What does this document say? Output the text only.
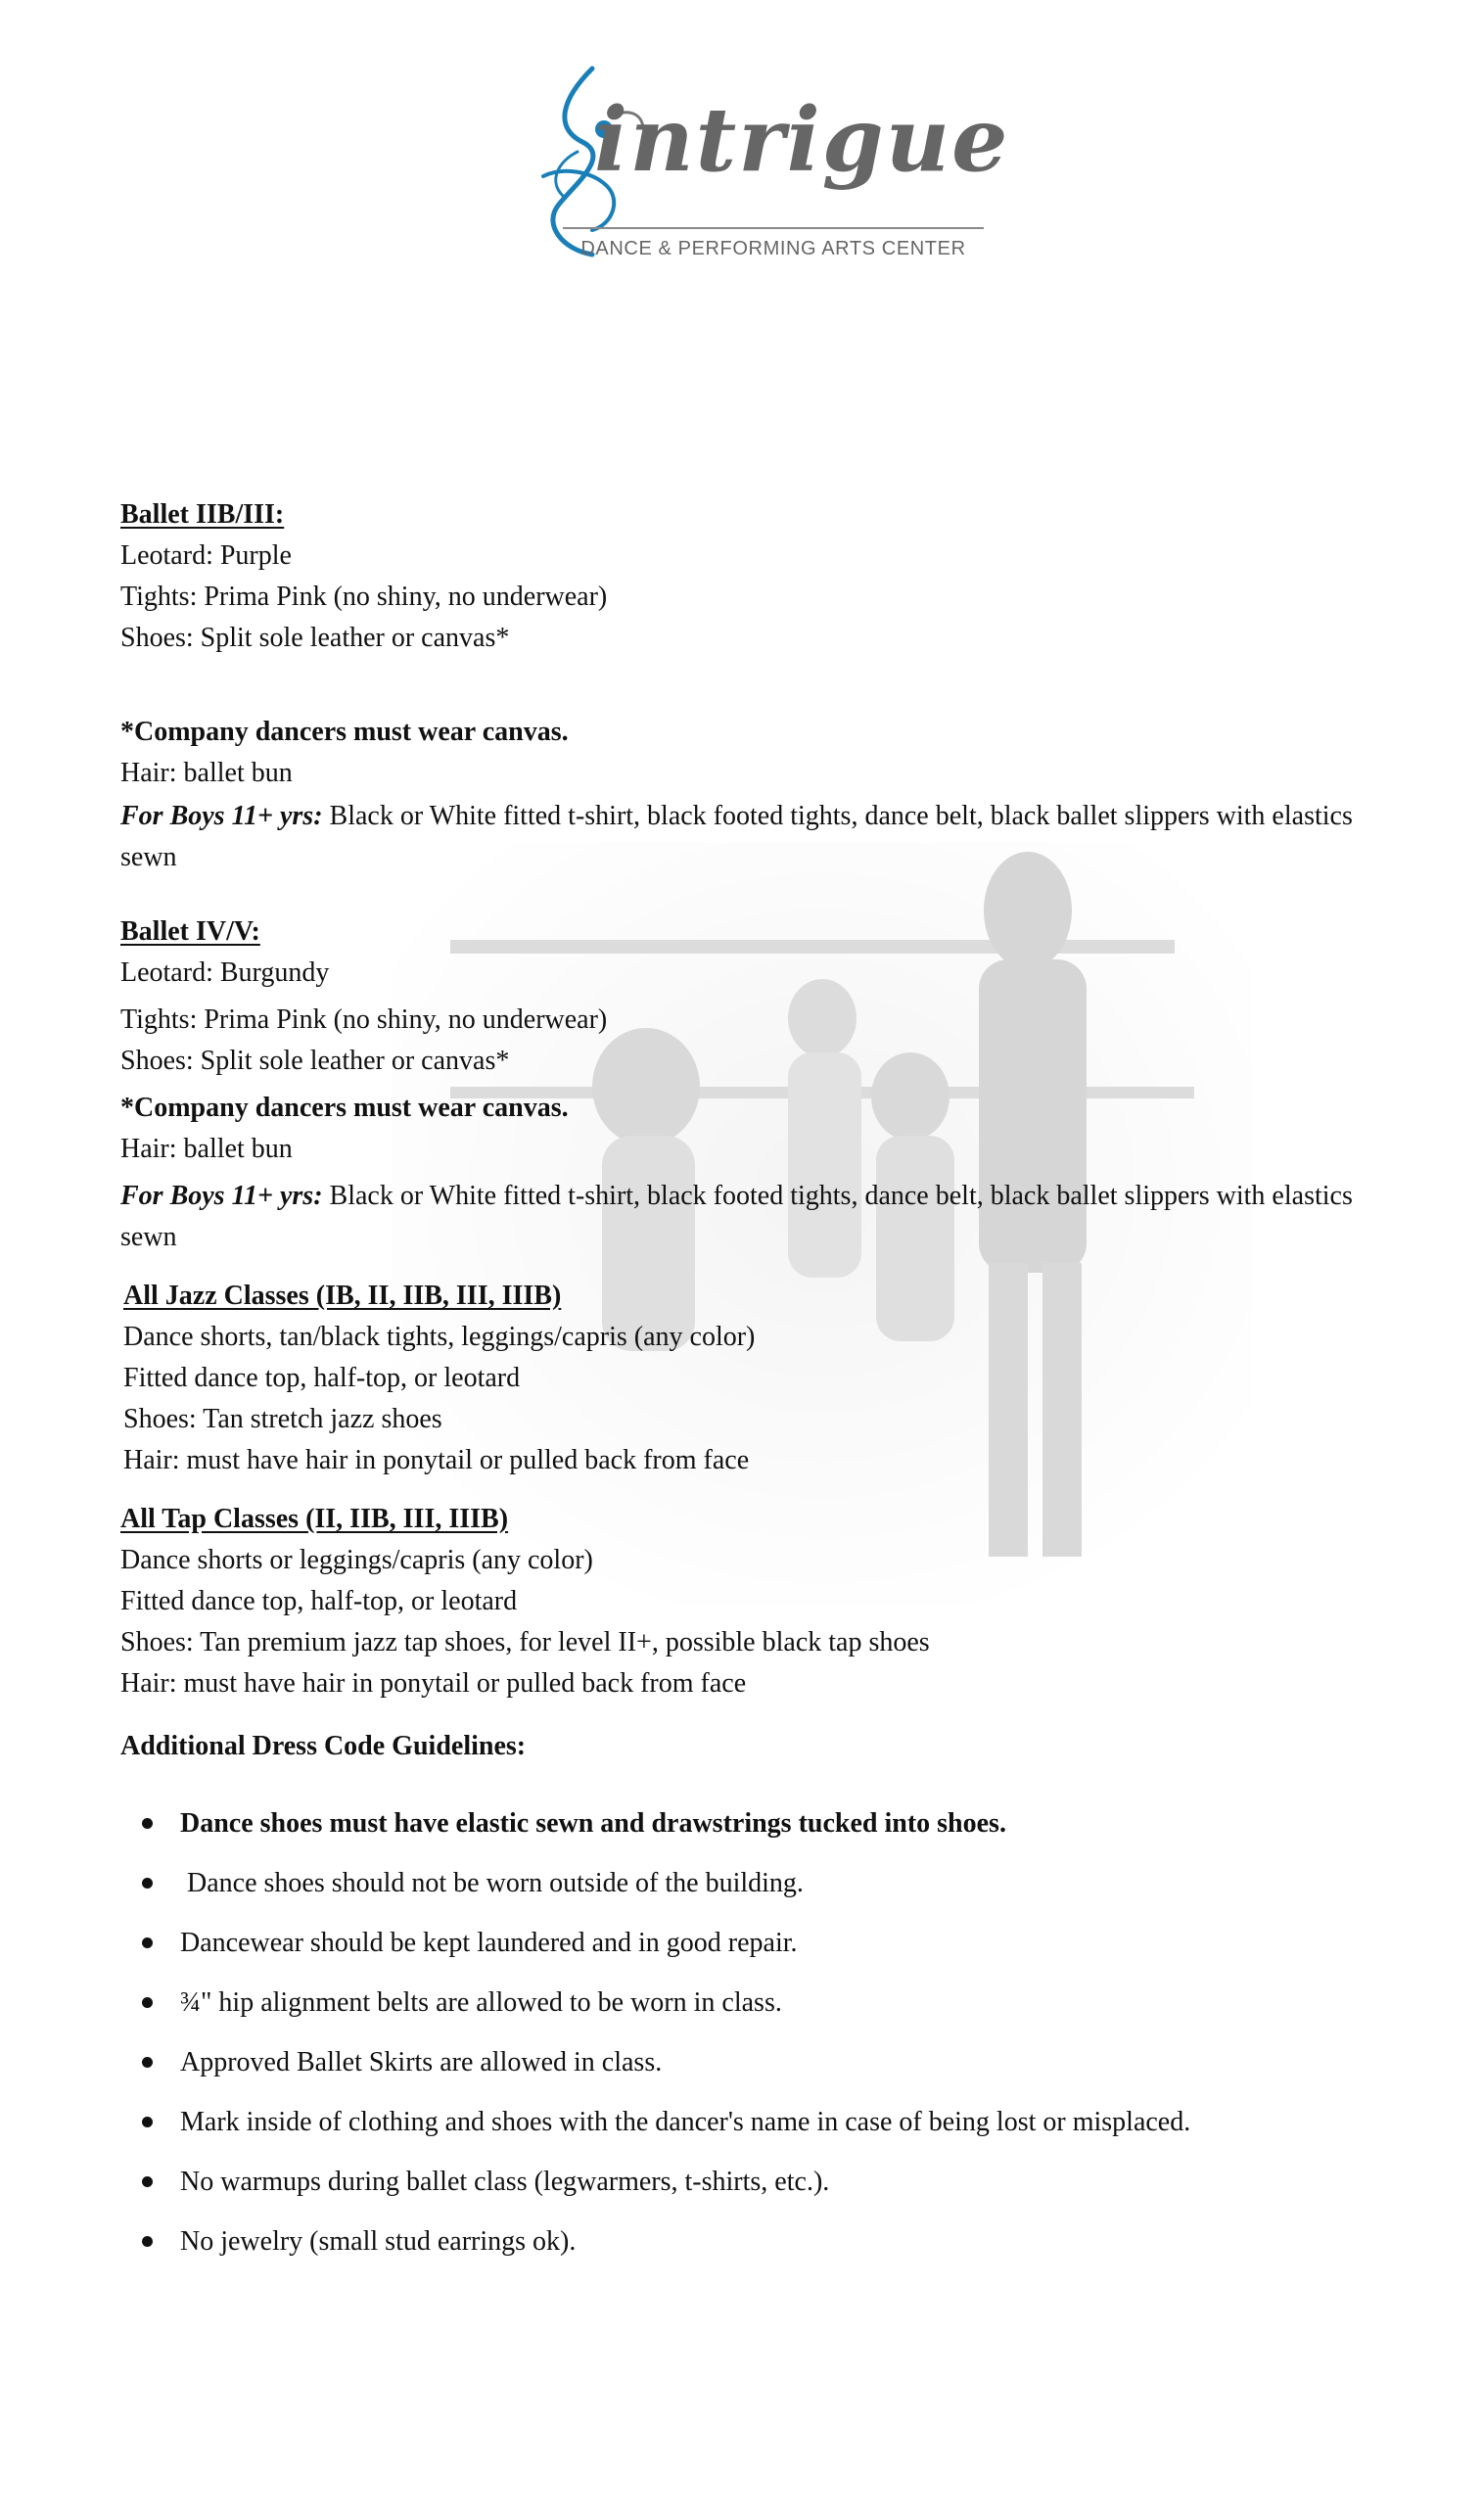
intrigue
DANCE & PERFORMING ARTS CENTER
Ballet IIB/III:
Leotard: Purple
Tights: Prima Pink (no shiny, no underwear)
Shoes: Split sole leather or canvas*
*Company dancers must wear canvas.
Hair: ballet bun
For Boys 11+ yrs: Black or White fitted t-shirt, black footed tights, dance belt, black ballet slippers with elastics sewn
Ballet IV/V:
Leotard: Burgundy
Tights: Prima Pink (no shiny, no underwear)
Shoes: Split sole leather or canvas*
*Company dancers must wear canvas.
Hair: ballet bun
For Boys 11+ yrs: Black or White fitted t-shirt, black footed tights, dance belt, black ballet slippers with elastics sewn
All Jazz Classes (IB, II, IIB, III, IIIB)
Dance shorts, tan/black tights, leggings/capris (any color)
Fitted dance top, half-top, or leotard
Shoes: Tan stretch jazz shoes
Hair: must have hair in ponytail or pulled back from face
All Tap Classes (II, IIB, III, IIIB)
Dance shorts or leggings/capris (any color)
Fitted dance top, half-top, or leotard
Shoes: Tan premium jazz tap shoes, for level II+, possible black tap shoes
Hair: must have hair in ponytail or pulled back from face
Additional Dress Code Guidelines:
Dance shoes must have elastic sewn and drawstrings tucked into shoes.
Dance shoes should not be worn outside of the building.
Dancewear should be kept laundered and in good repair.
¾" hip alignment belts are allowed to be worn in class.
Approved Ballet Skirts are allowed in class.
Mark inside of clothing and shoes with the dancer's name in case of being lost or misplaced.
No warmups during ballet class (legwarmers, t-shirts, etc.).
No jewelry (small stud earrings ok).
